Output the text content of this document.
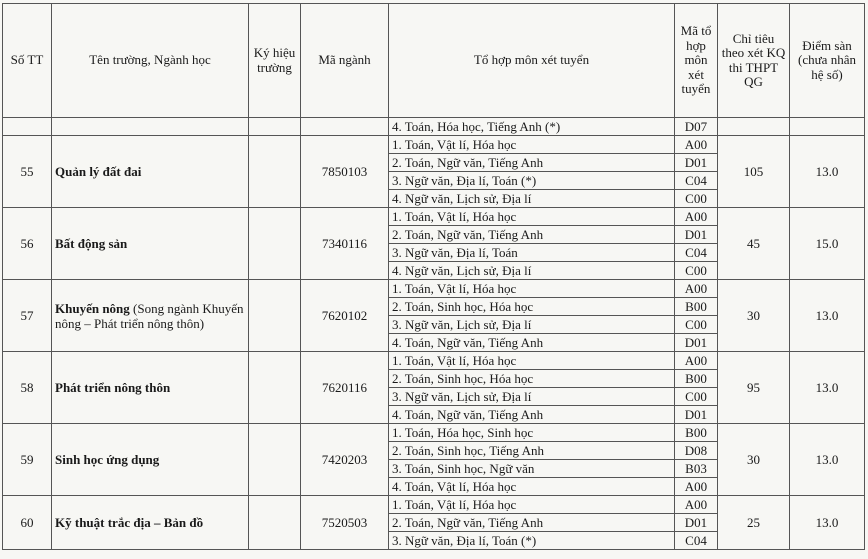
Số TT	Tên trường, Ngành học	Ký hiệu trường	Mã ngành	Tổ hợp môn xét tuyển	Mã tổ hợp môn xét tuyển	Chỉ tiêu theo xét KQ thi THPT QG	Điểm sàn (chưa nhân hệ số)
				4. Toán, Hóa học, Tiếng Anh (*)	D07		
55	Quản lý đất đai		7850103	1. Toán, Vật lí, Hóa học	A00	105	13.0
				2. Toán, Ngữ văn, Tiếng Anh	D01		
				3. Ngữ văn, Địa lí, Toán (*)	C04		
				4. Ngữ văn, Lịch sử, Địa lí	C00		
56	Bất động sản		7340116	1. Toán, Vật lí, Hóa học	A00	45	15.0
				2. Toán, Ngữ văn, Tiếng Anh	D01		
				3. Ngữ văn, Địa lí, Toán	C04		
				4. Ngữ văn, Lịch sử, Địa lí	C00		
57	Khuyến nông (Song ngành Khuyến nông – Phát triển nông thôn)		7620102	1. Toán, Vật lí, Hóa học	A00	30	13.0
				2. Toán, Sinh học, Hóa học	B00		
				3. Ngữ văn, Lịch sử, Địa lí	C00		
				4. Toán, Ngữ văn, Tiếng Anh	D01		
58	Phát triển nông thôn		7620116	1. Toán, Vật lí, Hóa học	A00	95	13.0
				2. Toán, Sinh học, Hóa học	B00		
				3. Ngữ văn, Lịch sử, Địa lí	C00		
				4. Toán, Ngữ văn, Tiếng Anh	D01		
59	Sinh học ứng dụng		7420203	1. Toán, Hóa học, Sinh học	B00	30	13.0
				2. Toán, Sinh học, Tiếng Anh	D08		
				3. Toán, Sinh học, Ngữ văn	B03		
				4. Toán, Vật lí, Hóa học	A00		
60	Kỹ thuật trắc địa – Bản đồ		7520503	1. Toán, Vật lí, Hóa học	A00	25	13.0
				2. Toán, Ngữ văn, Tiếng Anh	D01		
				3. Ngữ văn, Địa lí, Toán (*)	C04		
